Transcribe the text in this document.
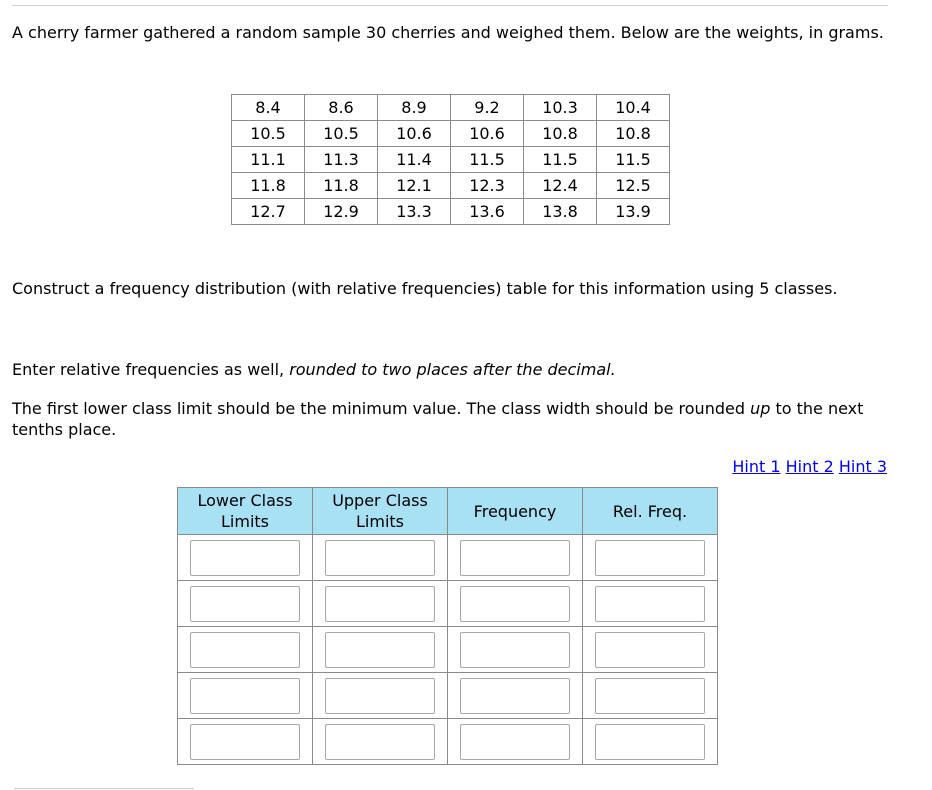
A cherry farmer gathered a random sample 30 cherries and weighed them. Below are the weights, in grams.

8.4	8.6	8.9	9.2	10.3	10.4
10.5	10.5	10.6	10.6	10.8	10.8
11.1	11.3	11.4	11.5	11.5	11.5
11.8	11.8	12.1	12.3	12.4	12.5
12.7	12.9	13.3	13.6	13.8	13.9

Construct a frequency distribution (with relative frequencies) table for this information using 5 classes.

Enter relative frequencies as well, rounded to two places after the decimal.

The first lower class limit should be the minimum value. The class width should be rounded up to the next tenths place.

Hint 1 Hint 2 Hint 3
Lower Class
Limits	Upper Class
Limits	Frequency	Rel. Freq.
